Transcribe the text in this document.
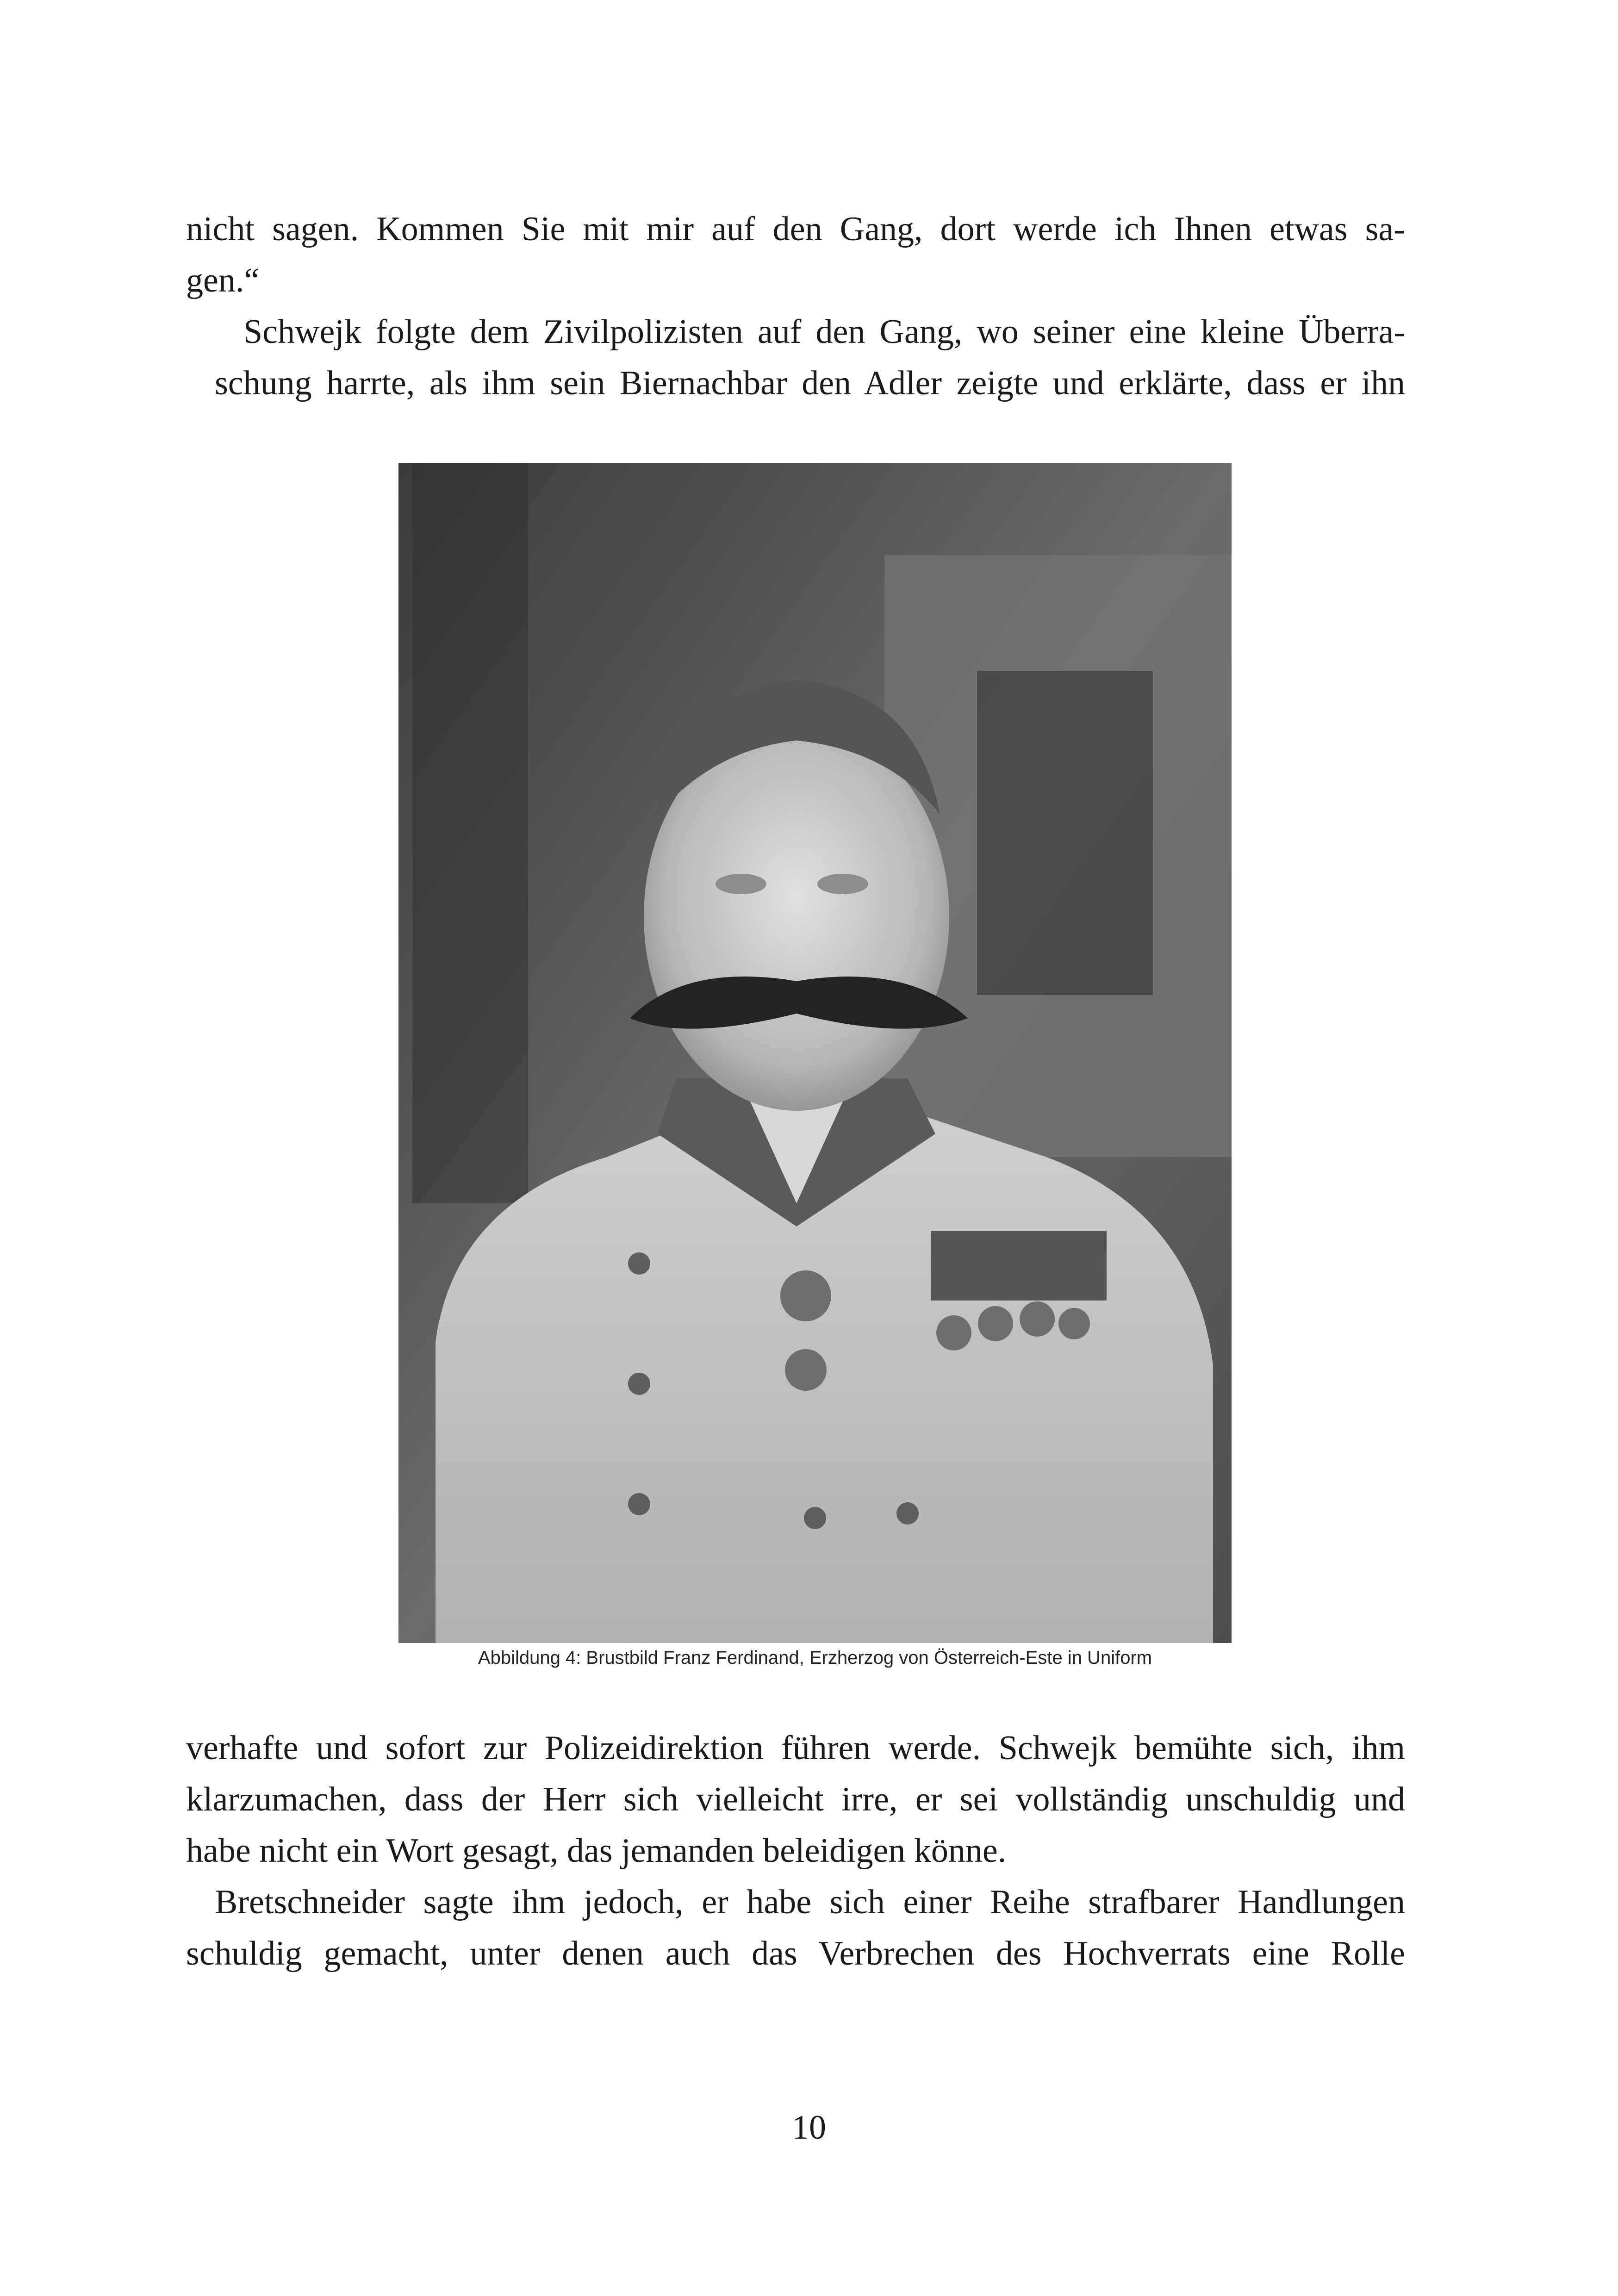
nicht sagen. Kommen Sie mit mir auf den Gang, dort werde ich Ihnen etwas sa-
gen.“

Schwejk folgte dem Zivilpolizisten auf den Gang, wo seiner eine kleine Überra-
schung harrte, als ihm sein Biernachbar den Adler zeigte und erklärte, dass er ihn

Abbildung 4: Brustbild Franz Ferdinand, Erzherzog von Österreich-Este in Uniform

verhafte und sofort zur Polizeidirektion führen werde. Schwejk bemühte sich, ihm
klarzumachen, dass der Herr sich vielleicht irre, er sei vollständig unschuldig und
habe nicht ein Wort gesagt, das jemanden beleidigen könne.

Bretschneider sagte ihm jedoch, er habe sich einer Reihe strafbarer Handlungen
schuldig gemacht, unter denen auch das Verbrechen des Hochverrats eine Rolle

10
